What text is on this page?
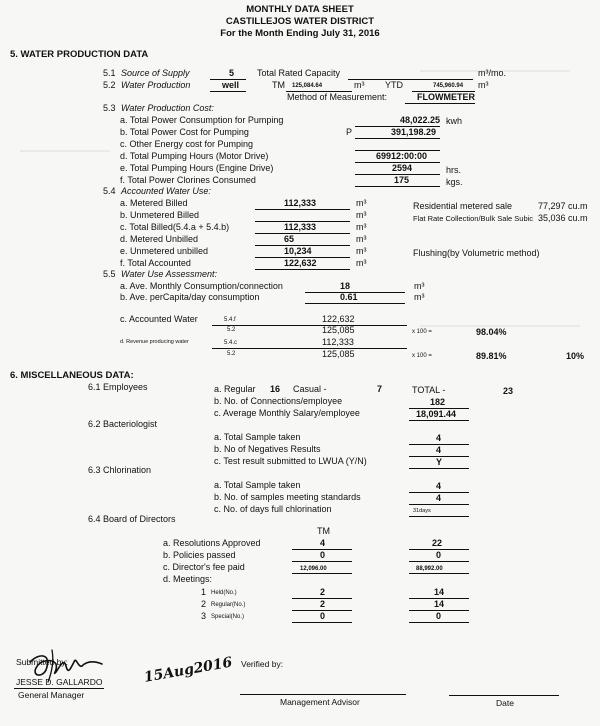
MONTHLY DATA SHEET
CASTILLEJOS WATER DISTRICT
For the Month Ending July 31, 2016
5. WATER PRODUCTION DATA
5.1 Source of Supply	5	Total Rated Capacity	m³/mo.
5.2 Water Production	well	TM 125,084.64	m³ YTD	745,960.94 m³
Method of Measurement:	FLOWMETER
5.3 Water Production Cost:
a. Total Power Consumption for Pumping	48,022.25 kwh
b. Total Power Cost for Pumping	P	391,198.29
c. Other Energy cost for Pumping
d. Total Pumping Hours (Motor Drive)	69912:00:00
e. Total Pumping Hours (Engine Drive)	2594	hrs.
f. Total Power Clorines Consumed	175	kgs.
5.4 Accounted Water Use:
a. Metered Billed	112,333	m³
b. Unmetered Billed	m³
c. Total Billed(5.4.a + 5.4.b)	112,333	m³
d. Metered Unbilled	65	m³
e. Unmetered unbilled	10,234	m³
f. Total Accounted	122,632	m³
Residential metered sale	77,297 cu.m
Flat Rate Collection/Bulk Sale Subic 35,036 cu.m
Flushing(by Volumetric method)
5.5 Water Use Assessment:
a. Ave. Monthly Consumption/connection	18	m³
b. Ave. perCapita/day consumption	0.61	m³
c. Accounted Water	5.4.f	122,632
5.2	125,085	x 100 =	98.04%
d. Revenue producing water	5.4.c	112,333
5.2	125,085	x 100 =	89.81%	10%
6. MISCELLANEOUS DATA:
6.1 Employees	a. Regular 16 Casual -	7	TOTAL -	23
b. No. of Connections/employee	182
c. Average Monthly Salary/employee	18,091.44
6.2 Bacteriologist
a. Total Sample taken	4
b. No of Negatives Results	4
c. Test result submitted to LWUA (Y/N)	Y
6.3 Chlorination
a. Total Sample taken	4
b. No. of samples meeting standards	4
c. No. of days full chlorination	31days
6.4 Board of Directors
TM
a. Resolutions Approved	4	22
b. Policies passed	0	0
c. Director's fee paid	12,096.00	88,992.00
d. Meetings:
1 Held(No.)	2	14
2 Regular(No.)	2	14
3 Special(No.)	0	0
Submitted by:
JESSE D. GALLARDO
General Manager
15Aug2016 Verified by:
Management Advisor	Date
